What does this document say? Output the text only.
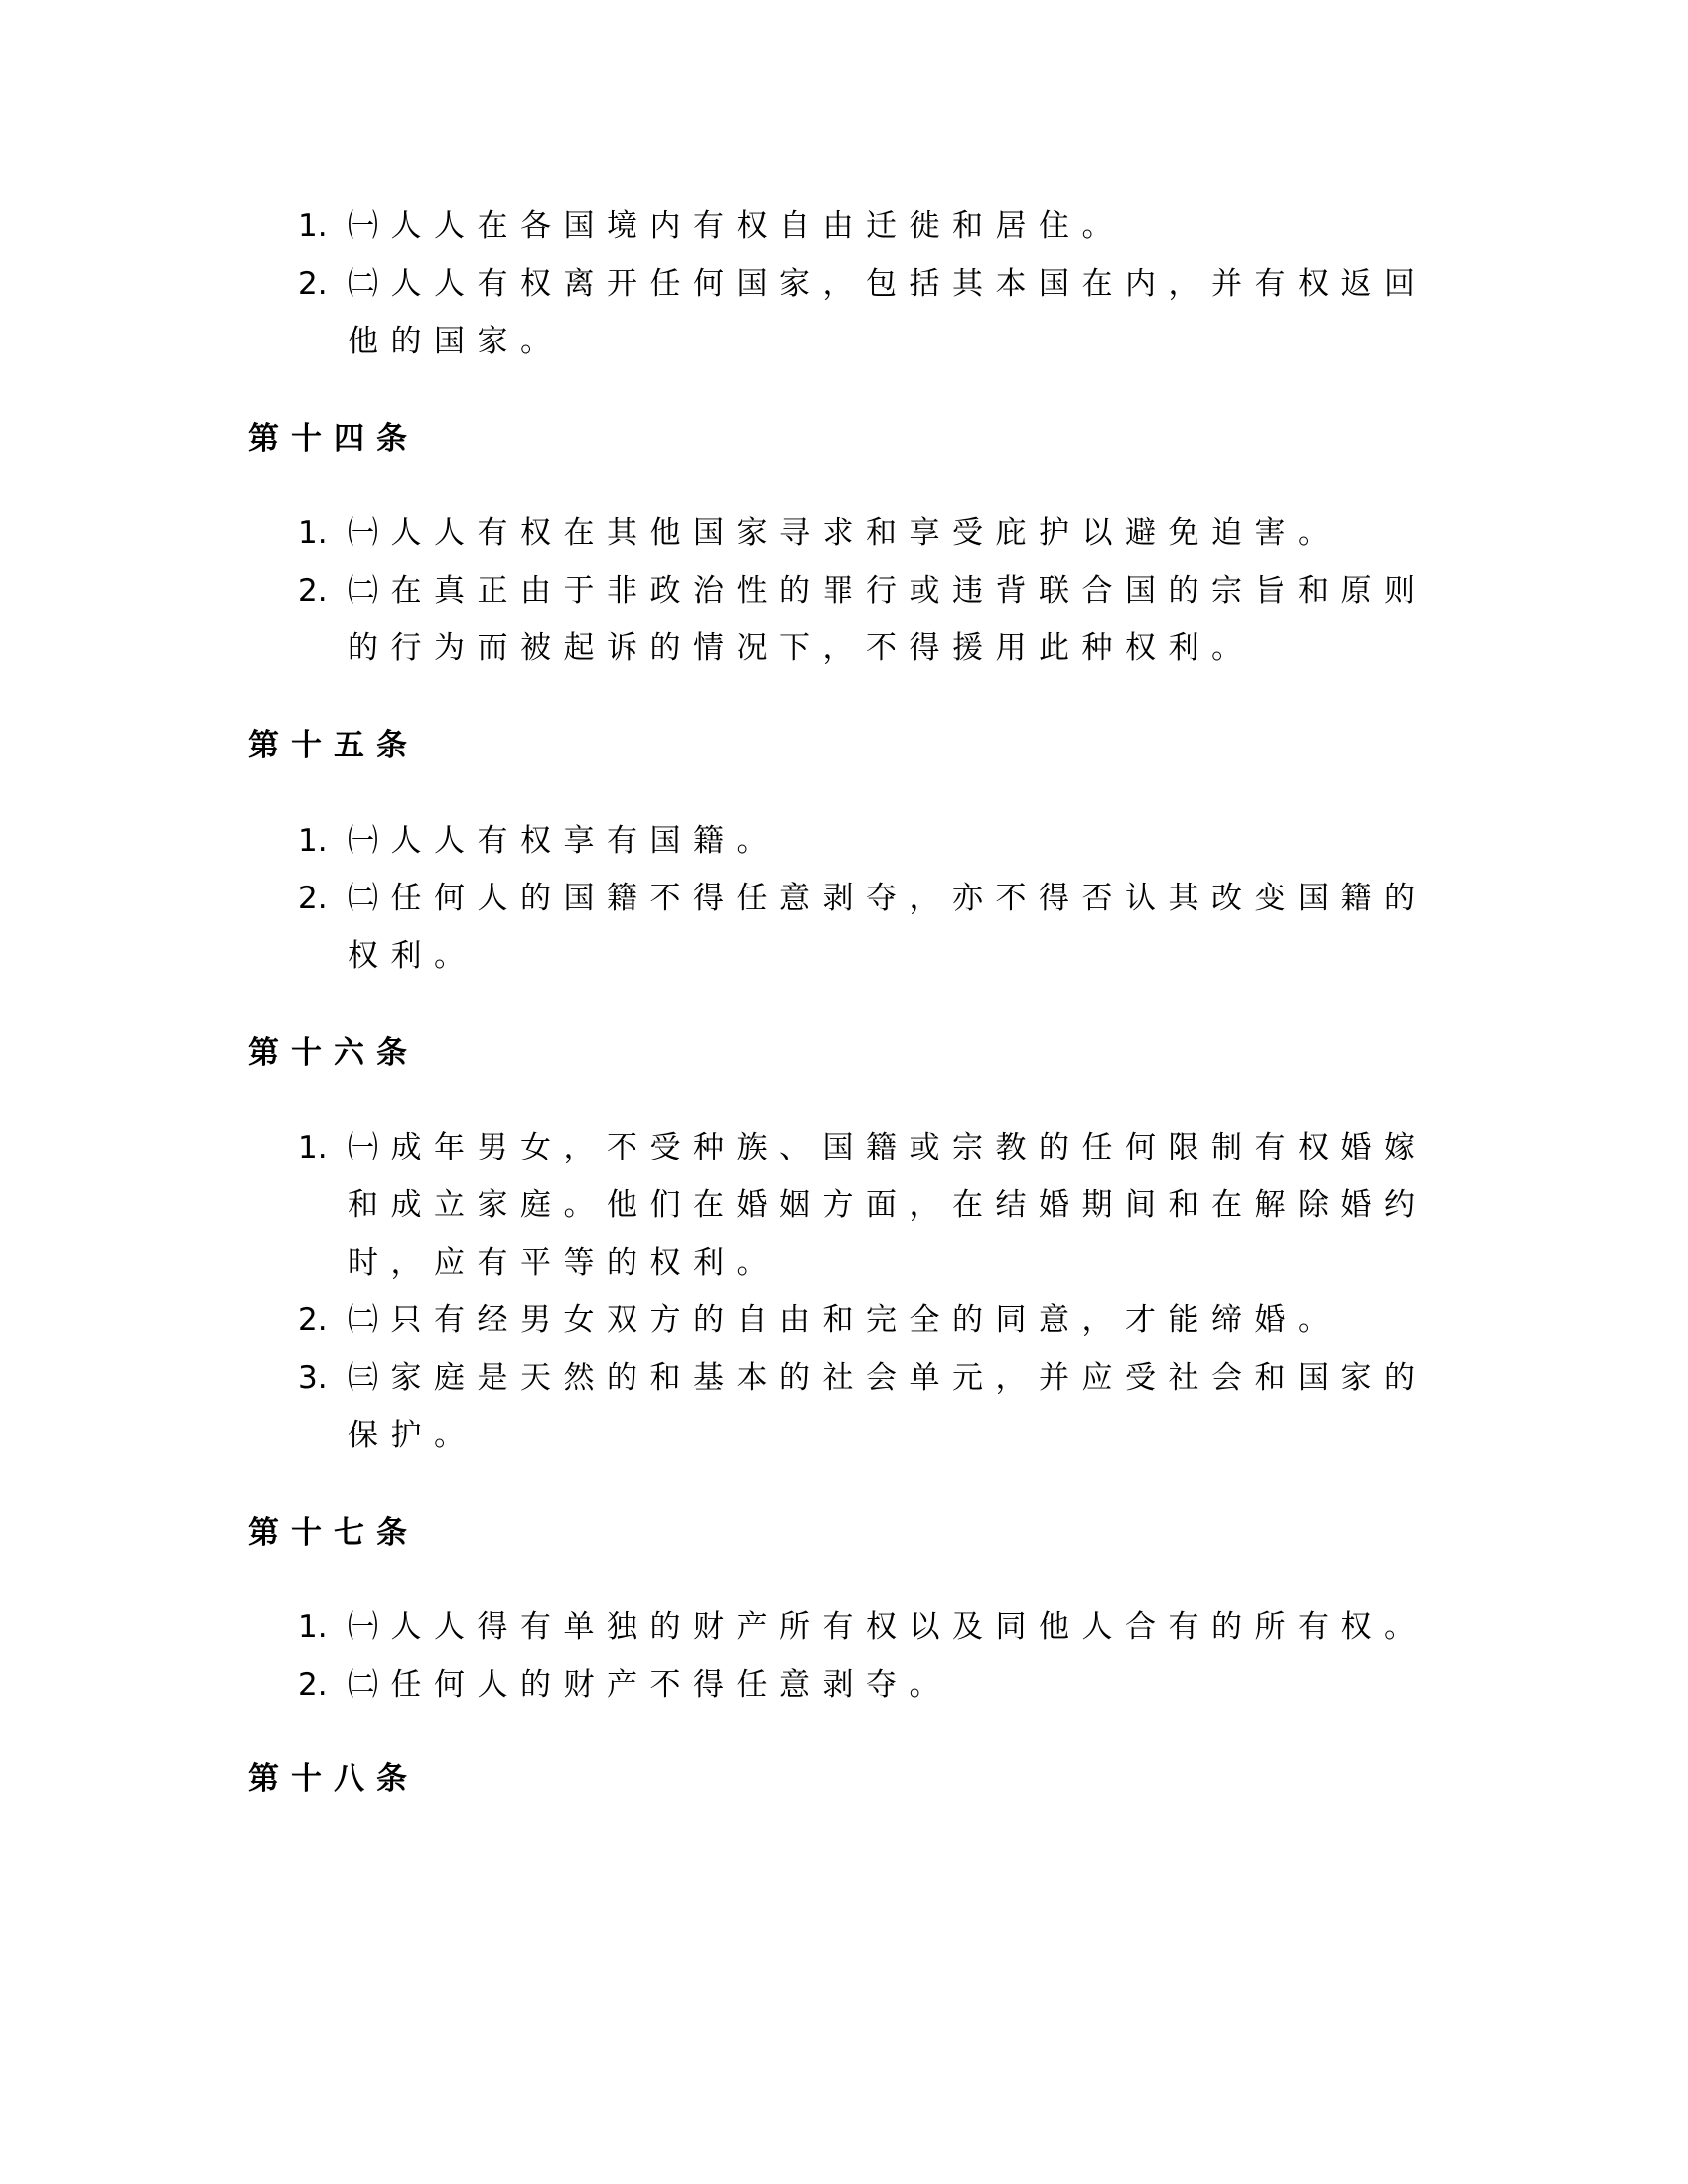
1. ㈠人人在各国境内有权自由迁徙和居住。
2. ㈡人人有权离开任何国家，包括其本国在内，并有权返回他的国家。
第十四条
1. ㈠人人有权在其他国家寻求和享受庇护以避免迫害。
2. ㈡在真正由于非政治性的罪行或违背联合国的宗旨和原则的行为而被起诉的情况下，不得援用此种权利。
第十五条
1. ㈠人人有权享有国籍。
2. ㈡任何人的国籍不得任意剥夺，亦不得否认其改变国籍的权利。
第十六条
1. ㈠成年男女，不受种族、国籍或宗教的任何限制有权婚嫁和成立家庭。他们在婚姻方面，在结婚期间和在解除婚约时，应有平等的权利。
2. ㈡只有经男女双方的自由和完全的同意，才能缔婚。
3. ㈢家庭是天然的和基本的社会单元，并应受社会和国家的保护。
第十七条
1. ㈠人人得有单独的财产所有权以及同他人合有的所有权。
2. ㈡任何人的财产不得任意剥夺。
第十八条
